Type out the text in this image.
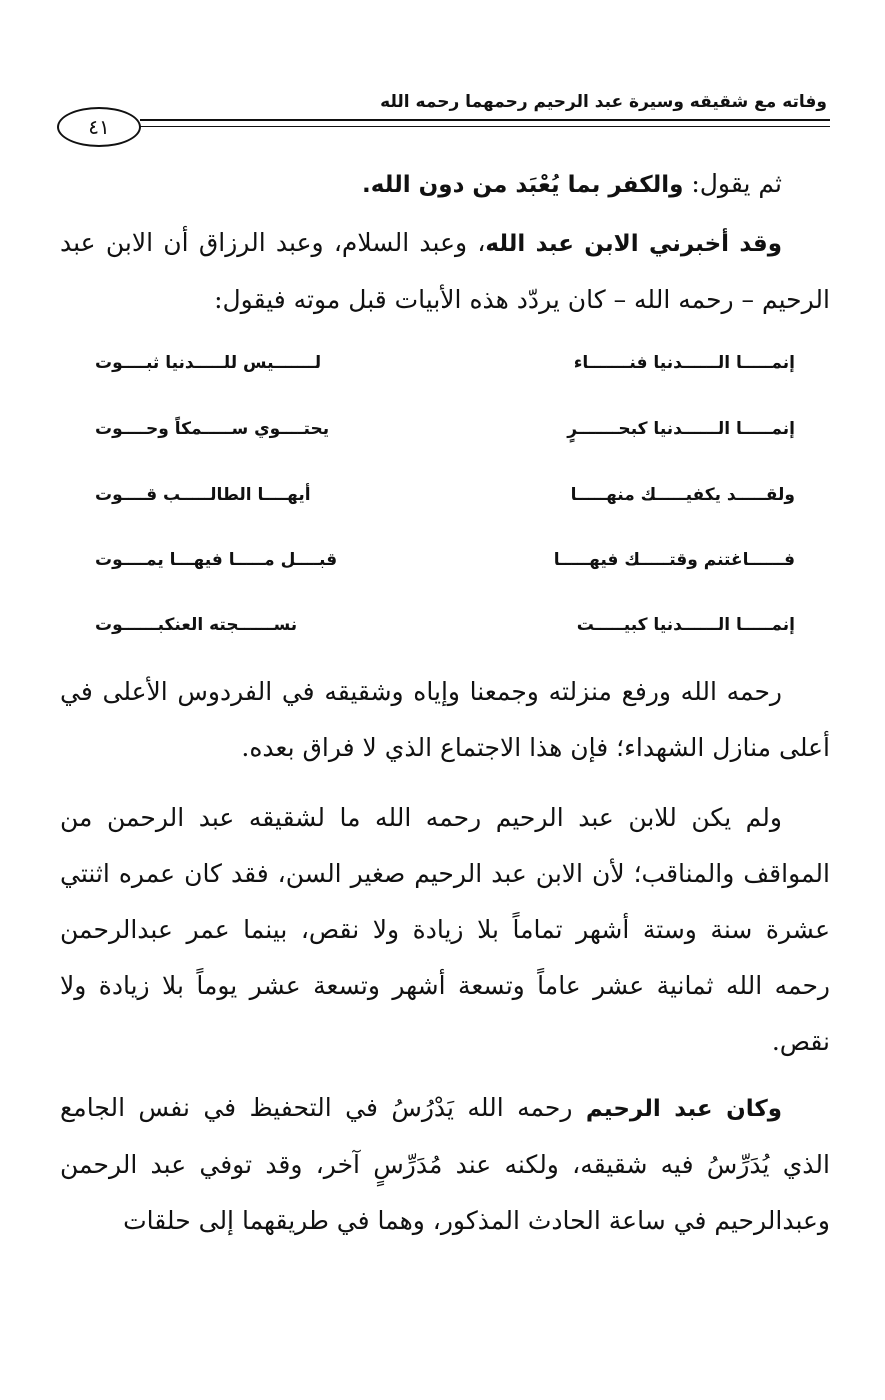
وفاته مع شقيقه وسيرة عبد الرحيم رحمهما رحمه الله
٤١
ثم يقول: والكفر بما يُعْبَد من دون الله.
وقد أخبرني الابن عبد الله، وعبد السلام، وعبد الرزاق أن الابن عبد الرحيم – رحمه الله – كان يردّد هذه الأبيات قبل موته فيقول:
إنمـــــا الــــــدنيا فنـــــــاء
لـــــــيس للـــــدنيا ثبــــوت
إنمـــــا الــــــدنيا كبحـــــــرٍ
يحتــــوي ســـــمكاً وحــــوت
ولقـــــد يكفيـــــك منهـــــا
أيهــــا الطالـــــب قــــوت
فــــــاغتنم وقتـــــك فيهـــــا
قبــــل مـــــا فيهـــا يمــــوت
إنمـــــا الــــــدنيا كبيـــــت
نســــــجته العنكبــــــوت
رحمه الله ورفع منزلته وجمعنا وإياه وشقيقه في الفردوس الأعلى في أعلى منازل الشهداء؛ فإن هذا الاجتماع الذي لا فراق بعده.
ولم يكن للابن عبد الرحيم رحمه الله ما لشقيقه عبد الرحمن من المواقف والمناقب؛ لأن الابن عبد الرحيم صغير السن، فقد كان عمره اثنتي عشرة سنة وستة أشهر تماماً بلا زيادة ولا نقص، بينما عمر عبدالرحمن رحمه الله ثمانية عشر عاماً وتسعة أشهر وتسعة عشر يوماً بلا زيادة ولا نقص.
وكان عبد الرحيم رحمه الله يَدْرُسُ في التحفيظ في نفس الجامع الذي يُدَرِّسُ فيه شقيقه، ولكنه عند مُدَرِّسٍ آخر، وقد توفي عبد الرحمن وعبدالرحيم في ساعة الحادث المذكور، وهما في طريقهما إلى حلقات
